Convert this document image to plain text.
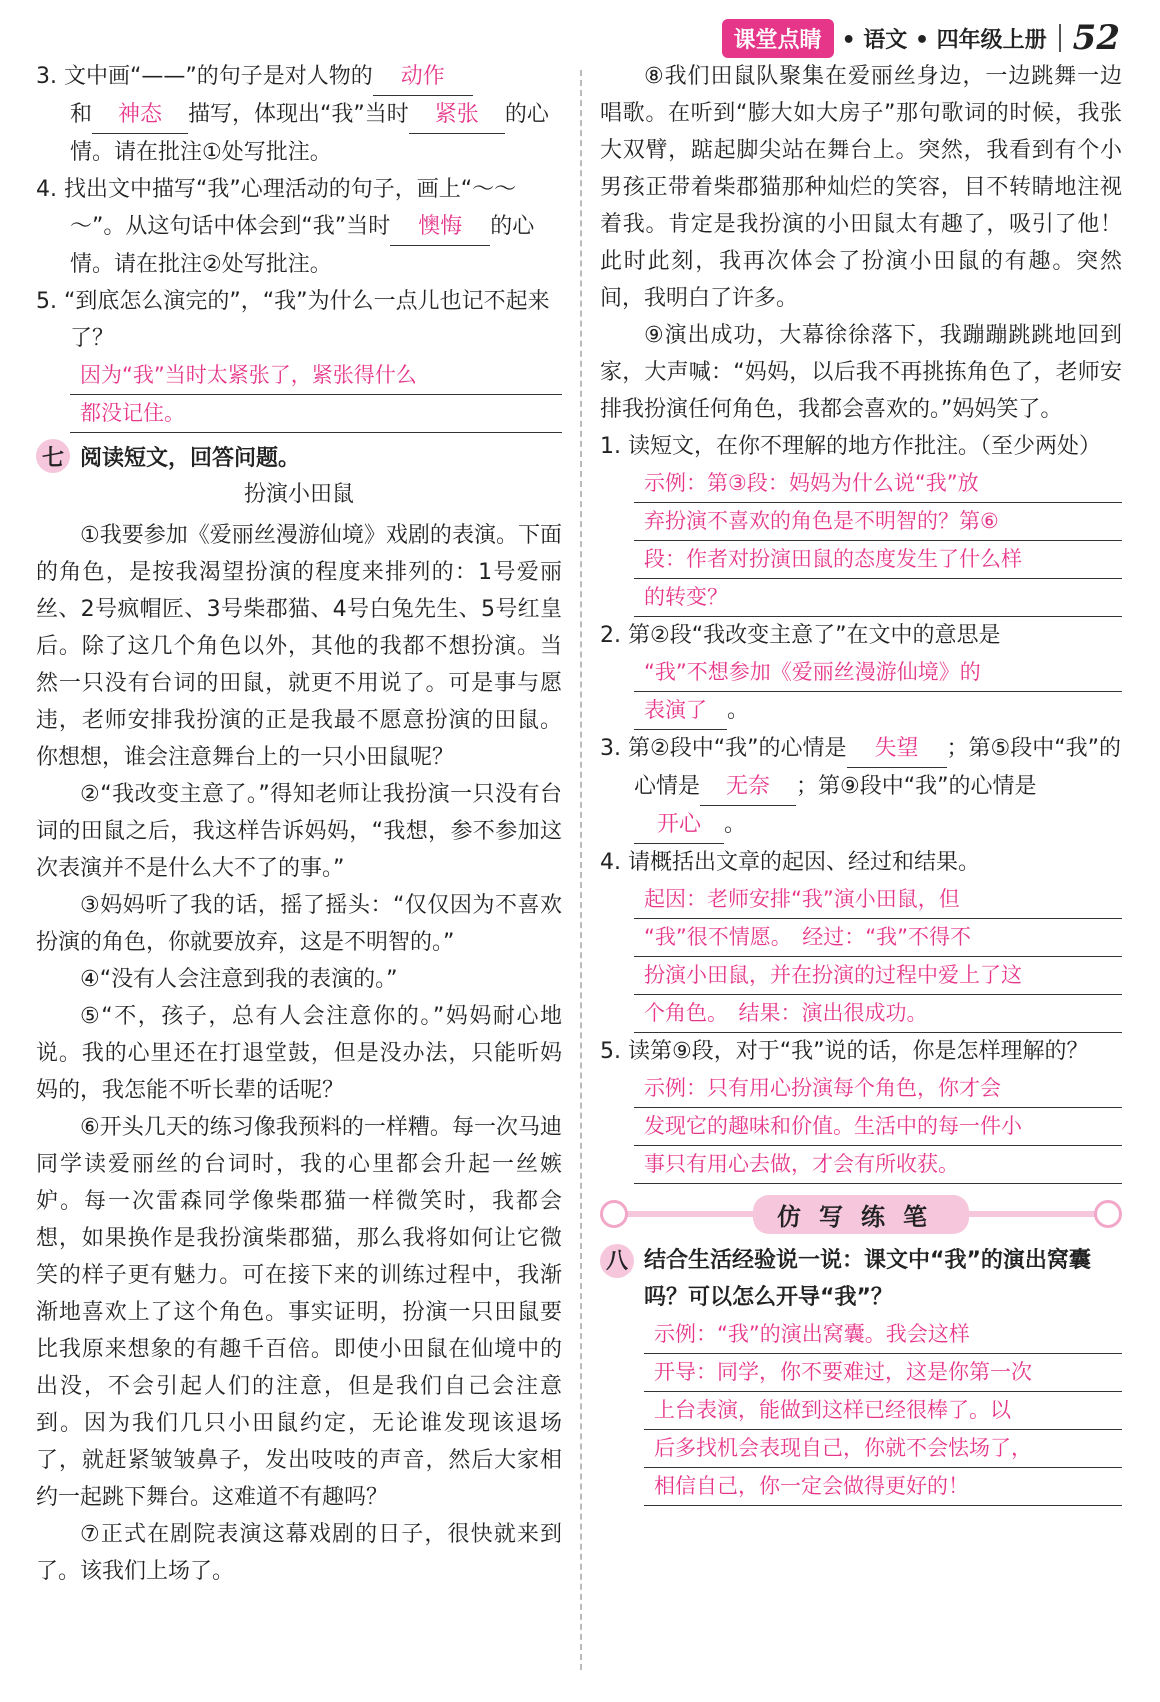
课堂点睛 • 语文 • 四年级上册 52

3. 文中画“——”的句子是对人物的 动作
和 神态 描写，体现出“我”当时 紧张 的心情。请在批注①处写批注。

4. 找出文中描写“我”心理活动的句子，画上“～～～”。从这句话中体会到“我”当时 懊悔 的心情。请在批注②处写批注。

5. “到底怎么演完的”，“我”为什么一点儿也记不起来了？

因为“我”当时太紧张了，紧张得什么

都没记住。

七 阅读短文，回答问题。

扮演小田鼠

①我要参加《爱丽丝漫游仙境》戏剧的表演。下面的角色，是按我渴望扮演的程度来排列的：1号爱丽丝、2号疯帽匠、3号柴郡猫、4号白兔先生、5号红皇后。除了这几个角色以外，其他的我都不想扮演。当然一只没有台词的田鼠，就更不用说了。可是事与愿违，老师安排我扮演的正是我最不愿意扮演的田鼠。你想想，谁会注意舞台上的一只小田鼠呢？

②“我改变主意了。”得知老师让我扮演一只没有台词的田鼠之后，我这样告诉妈妈，“我想，参不参加这次表演并不是什么大不了的事。”

③妈妈听了我的话，摇了摇头：“仅仅因为不喜欢扮演的角色，你就要放弃，这是不明智的。”

④“没有人会注意到我的表演的。”

⑤“不，孩子，总有人会注意你的。”妈妈耐心地说。我的心里还在打退堂鼓，但是没办法，只能听妈妈的，我怎能不听长辈的话呢？

⑥开头几天的练习像我预料的一样糟。每一次马迪同学读爱丽丝的台词时，我的心里都会升起一丝嫉妒。每一次雷森同学像柴郡猫一样微笑时，我都会想，如果换作是我扮演柴郡猫，那么我将如何让它微笑的样子更有魅力。可在接下来的训练过程中，我渐渐地喜欢上了这个角色。事实证明，扮演一只田鼠要比我原来想象的有趣千百倍。即使小田鼠在仙境中的出没，不会引起人们的注意，但是我们自己会注意到。因为我们几只小田鼠约定，无论谁发现该退场了，就赶紧皱皱鼻子，发出吱吱的声音，然后大家相约一起跳下舞台。这难道不有趣吗？

⑦正式在剧院表演这幕戏剧的日子，很快就来到了。该我们上场了。

⑧我们田鼠队聚集在爱丽丝身边，一边跳舞一边唱歌。在听到“膨大如大房子”那句歌词的时候，我张大双臂，踮起脚尖站在舞台上。突然，我看到有个小男孩正带着柴郡猫那种灿烂的笑容，目不转睛地注视着我。肯定是我扮演的小田鼠太有趣了，吸引了他！此时此刻，我再次体会了扮演小田鼠的有趣。突然间，我明白了许多。

⑨演出成功，大幕徐徐落下，我蹦蹦跳跳地回到家，大声喊：“妈妈，以后我不再挑拣角色了，老师安排我扮演任何角色，我都会喜欢的。”妈妈笑了。

1. 读短文，在你不理解的地方作批注。（至少两处）

示例：第③段：妈妈为什么说“我”放

弃扮演不喜欢的角色是不明智的？第⑥

段：作者对扮演田鼠的态度发生了什么样

的转变？

2. 第②段“我改变主意了”在文中的意思是

“我”不想参加《爱丽丝漫游仙境》的

表演了 。

3. 第②段中“我”的心情是 失望 ；第⑤段中“我”的心情是 无奈 ；第⑨段中“我”的心情是开心 。

4. 请概括出文章的起因、经过和结果。

起因：老师安排“我”演小田鼠，但

“我”很不情愿。　经过：“我”不得不

扮演小田鼠，并在扮演的过程中爱上了这

个角色。　结果：演出很成功。

5. 读第⑨段，对于“我”说的话，你是怎样理解的？

示例：只有用心扮演每个角色，你才会

发现它的趣味和价值。生活中的每一件小

事只有用心去做，才会有所收获。

仿写练笔

八 结合生活经验说一说：课文中“我”的演出窝囊吗？可以怎么开导“我”？

示例：“我”的演出窝囊。我会这样

开导：同学，你不要难过，这是你第一次

上台表演，能做到这样已经很棒了。以

后多找机会表现自己，你就不会怯场了，

相信自己，你一定会做得更好的！
